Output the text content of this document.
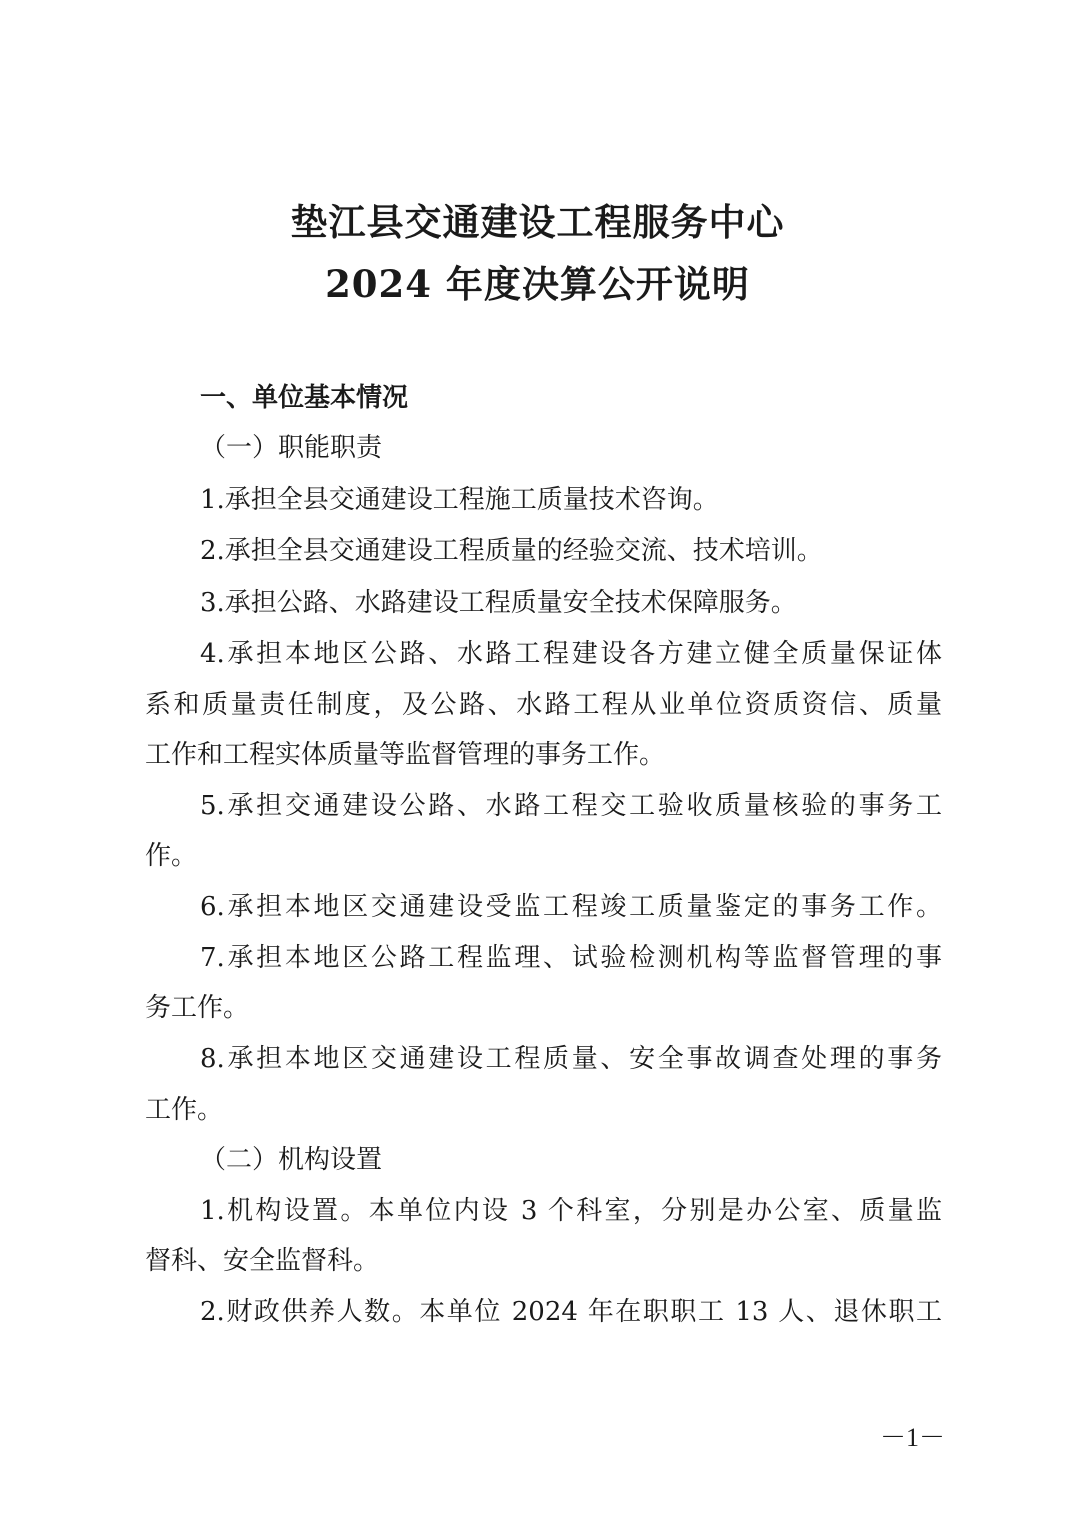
垫江县交通建设工程服务中心
2024 年度决算公开说明
一、单位基本情况
（一）职能职责
1.承担全县交通建设工程施工质量技术咨询。
2.承担全县交通建设工程质量的经验交流、技术培训。
3.承担公路、水路建设工程质量安全技术保障服务。
4.承担本地区公路、水路工程建设各方建立健全质量保证体
系和质量责任制度，及公路、水路工程从业单位资质资信、质量
工作和工程实体质量等监督管理的事务工作。
5.承担交通建设公路、水路工程交工验收质量核验的事务工
作。
6.承担本地区交通建设受监工程竣工质量鉴定的事务工作。
7.承担本地区公路工程监理、试验检测机构等监督管理的事
务工作。
8.承担本地区交通建设工程质量、安全事故调查处理的事务
工作。
（二）机构设置
1.机构设置。本单位内设 3 个科室，分别是办公室、质量监
督科、安全监督科。
2.财政供养人数。本单位 2024 年在职职工 13 人、退休职工
－1－
